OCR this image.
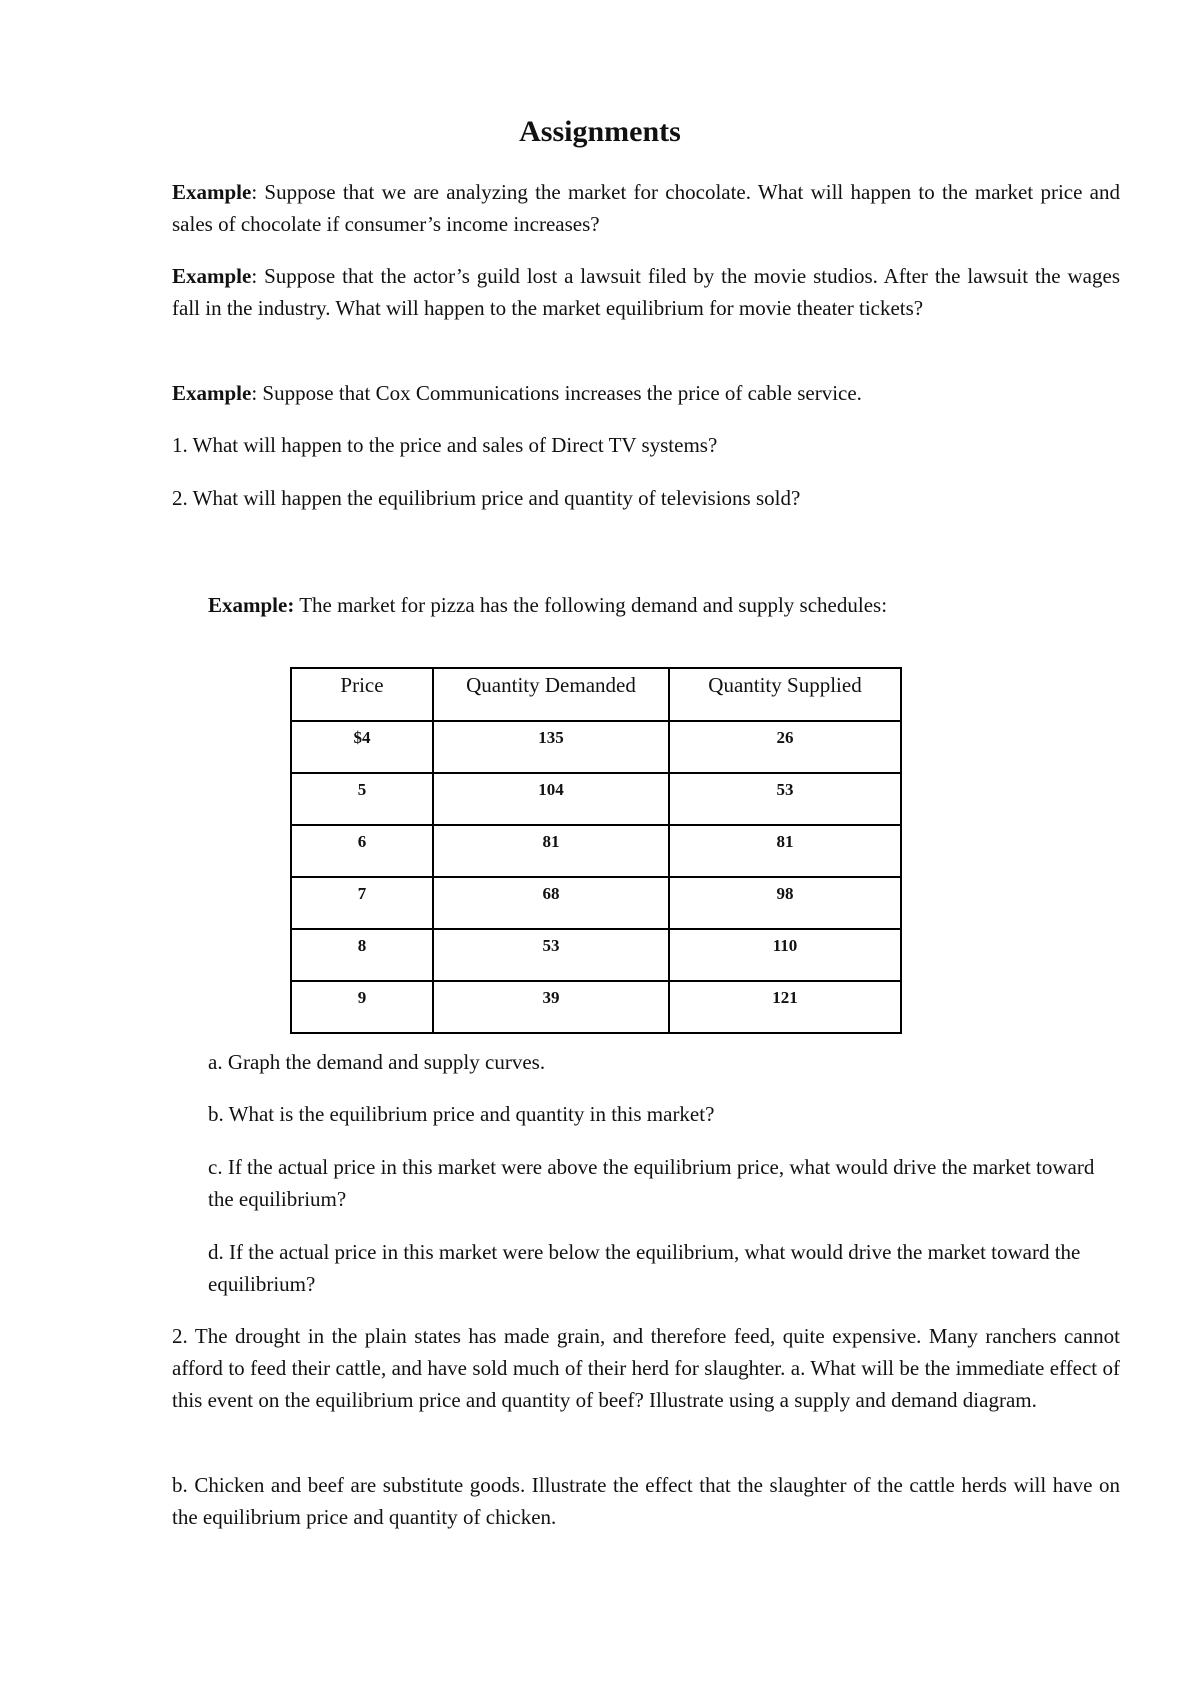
Assignments

Example: Suppose that we are analyzing the market for chocolate. What will happen to the market price and sales of chocolate if consumer’s income increases?

Example: Suppose that the actor’s guild lost a lawsuit filed by the movie studios. After the lawsuit the wages fall in the industry. What will happen to the market equilibrium for movie theater tickets?

Example: Suppose that Cox Communications increases the price of cable service.

1. What will happen to the price and sales of Direct TV systems?

2. What will happen the equilibrium price and quantity of televisions sold?

Example: The market for pizza has the following demand and supply schedules:

Price	Quantity Demanded	Quantity Supplied
$4	135	26
5	104	53
6	81	81
7	68	98
8	53	110
9	39	121

a. Graph the demand and supply curves.

b. What is the equilibrium price and quantity in this market?

c. If the actual price in this market were above the equilibrium price, what would drive the market toward the equilibrium?

d. If the actual price in this market were below the equilibrium, what would drive the market toward the equilibrium?

2. The drought in the plain states has made grain, and therefore feed, quite expensive. Many ranchers cannot afford to feed their cattle, and have sold much of their herd for slaughter. a. What will be the immediate effect of this event on the equilibrium price and quantity of beef? Illustrate using a supply and demand diagram.

b. Chicken and beef are substitute goods. Illustrate the effect that the slaughter of the cattle herds will have on the equilibrium price and quantity of chicken.
